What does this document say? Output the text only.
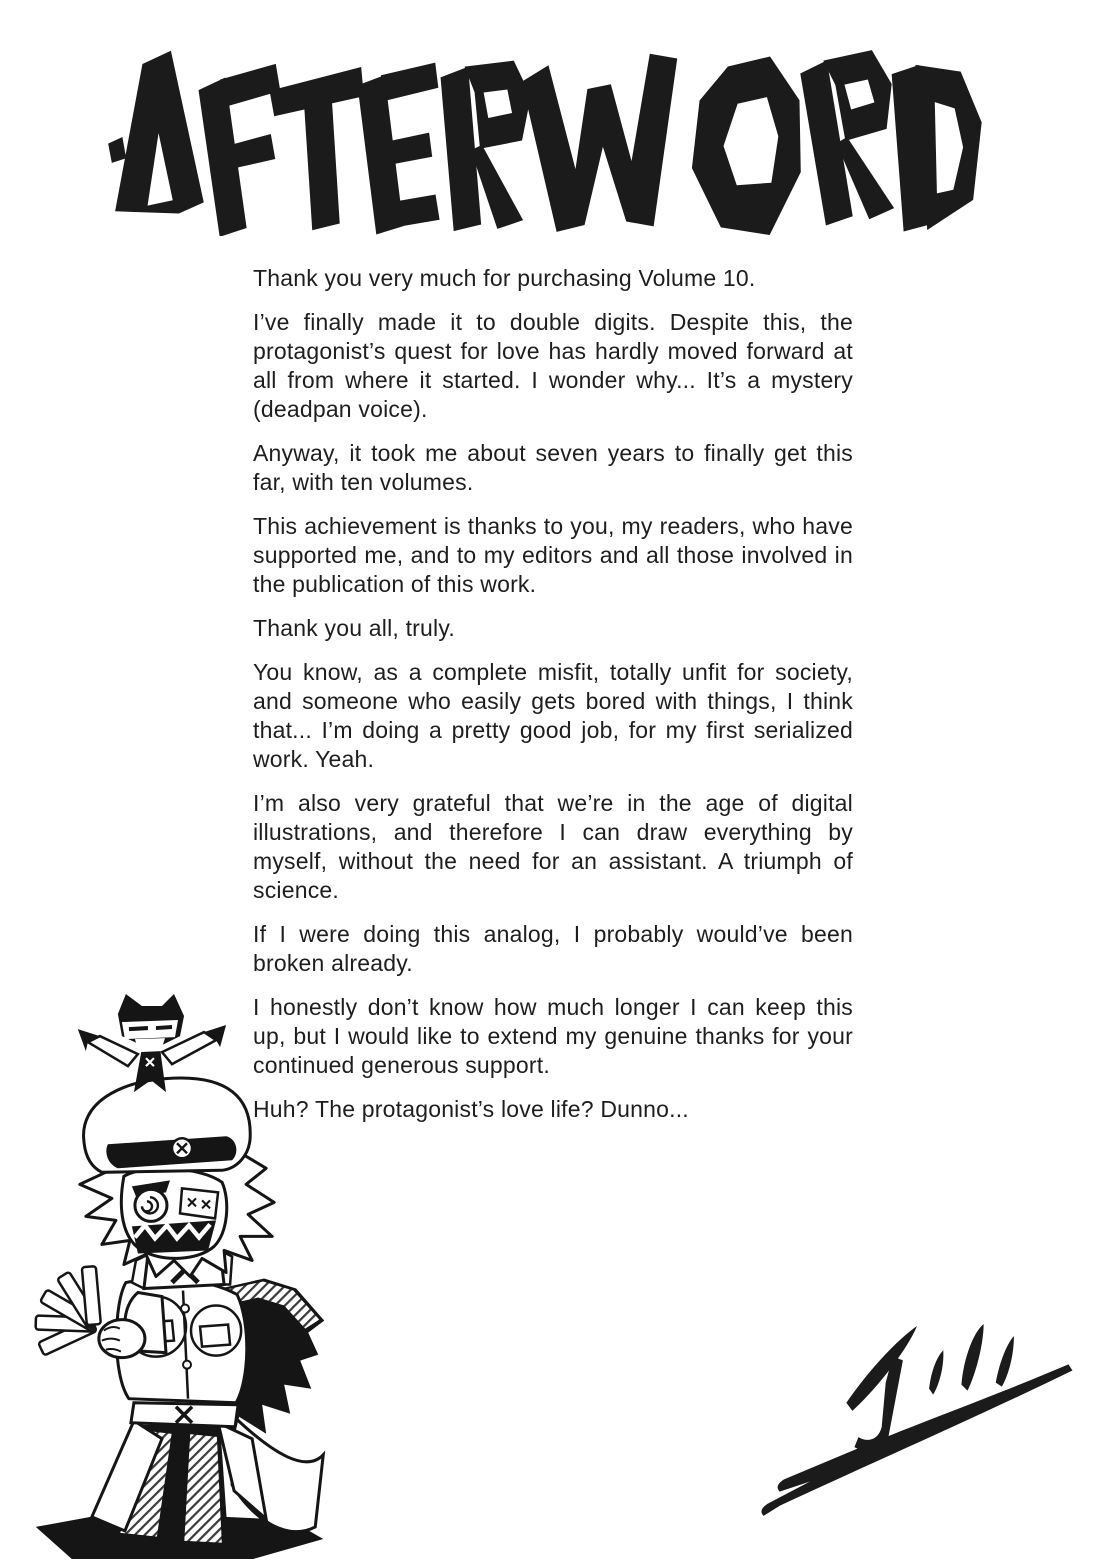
Thank you very much for purchasing Volume 10.

I’ve finally made it to double digits. Despite this, the protagonist’s quest for love has hardly moved forward at all from where it started. I wonder why... It’s a mystery (deadpan voice).

Anyway, it took me about seven years to finally get this far, with ten volumes.

This achievement is thanks to you, my readers, who have supported me, and to my editors and all those involved in the publication of this work.

Thank you all, truly.

You know, as a complete misfit, totally unfit for society, and someone who easily gets bored with things, I think that... I’m doing a pretty good job, for my first serialized work. Yeah.

I’m also very grateful that we’re in the age of digital illustrations, and therefore I can draw everything by myself, without the need for an assistant. A triumph of science.

If I were doing this analog, I probably would’ve been broken already.

I honestly don’t know how much longer I can keep this up, but I would like to extend my genuine thanks for your continued generous support.

Huh? The protagonist’s love life? Dunno...
